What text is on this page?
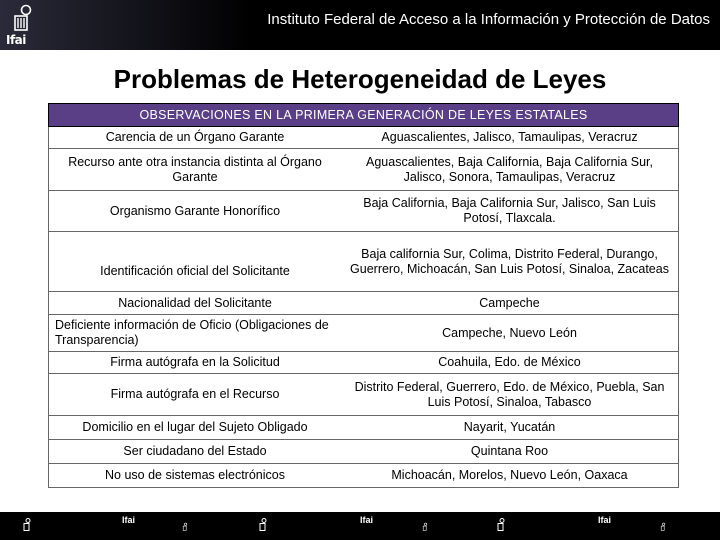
Ifai
Instituto Federal de Acceso a la Información y Protección de Datos
Problemas de Heterogeneidad de Leyes
OBSERVACIONES EN LA PRIMERA GENERACIÓN DE LEYES ESTATALES	
Carencia de un Órgano Garante	Aguascalientes, Jalisco, Tamaulipas, Veracruz
Recurso ante otra instancia distinta al Órgano Garante	Aguascalientes, Baja California, Baja California Sur, Jalisco, Sonora, Tamaulipas, Veracruz
Organismo Garante Honorífico	Baja California, Baja California Sur, Jalisco, San Luis Potosí, Tlaxcala.
Identificación oficial del Solicitante	Baja california Sur, Colima, Distrito Federal, Durango, Guerrero, Michoacán, San Luis Potosí, Sinaloa, Zacateas
Nacionalidad del Solicitante	Campeche
Deficiente información de Oficio (Obligaciones de Transparencia)	Campeche, Nuevo León
Firma autógrafa en la Solicitud	Coahuila, Edo. de México
Firma autógrafa en el Recurso	Distrito Federal, Guerrero, Edo. de México, Puebla, San Luis Potosí, Sinaloa, Tabasco
Domicilio en el lugar del Sujeto Obligado	Nayarit, Yucatán
Ser ciudadano del Estado	Quintana Roo
No uso de sistemas electrónicos	Michoacán, Morelos, Nuevo León, Oaxaca
Ifai	Ifai	Ifai
